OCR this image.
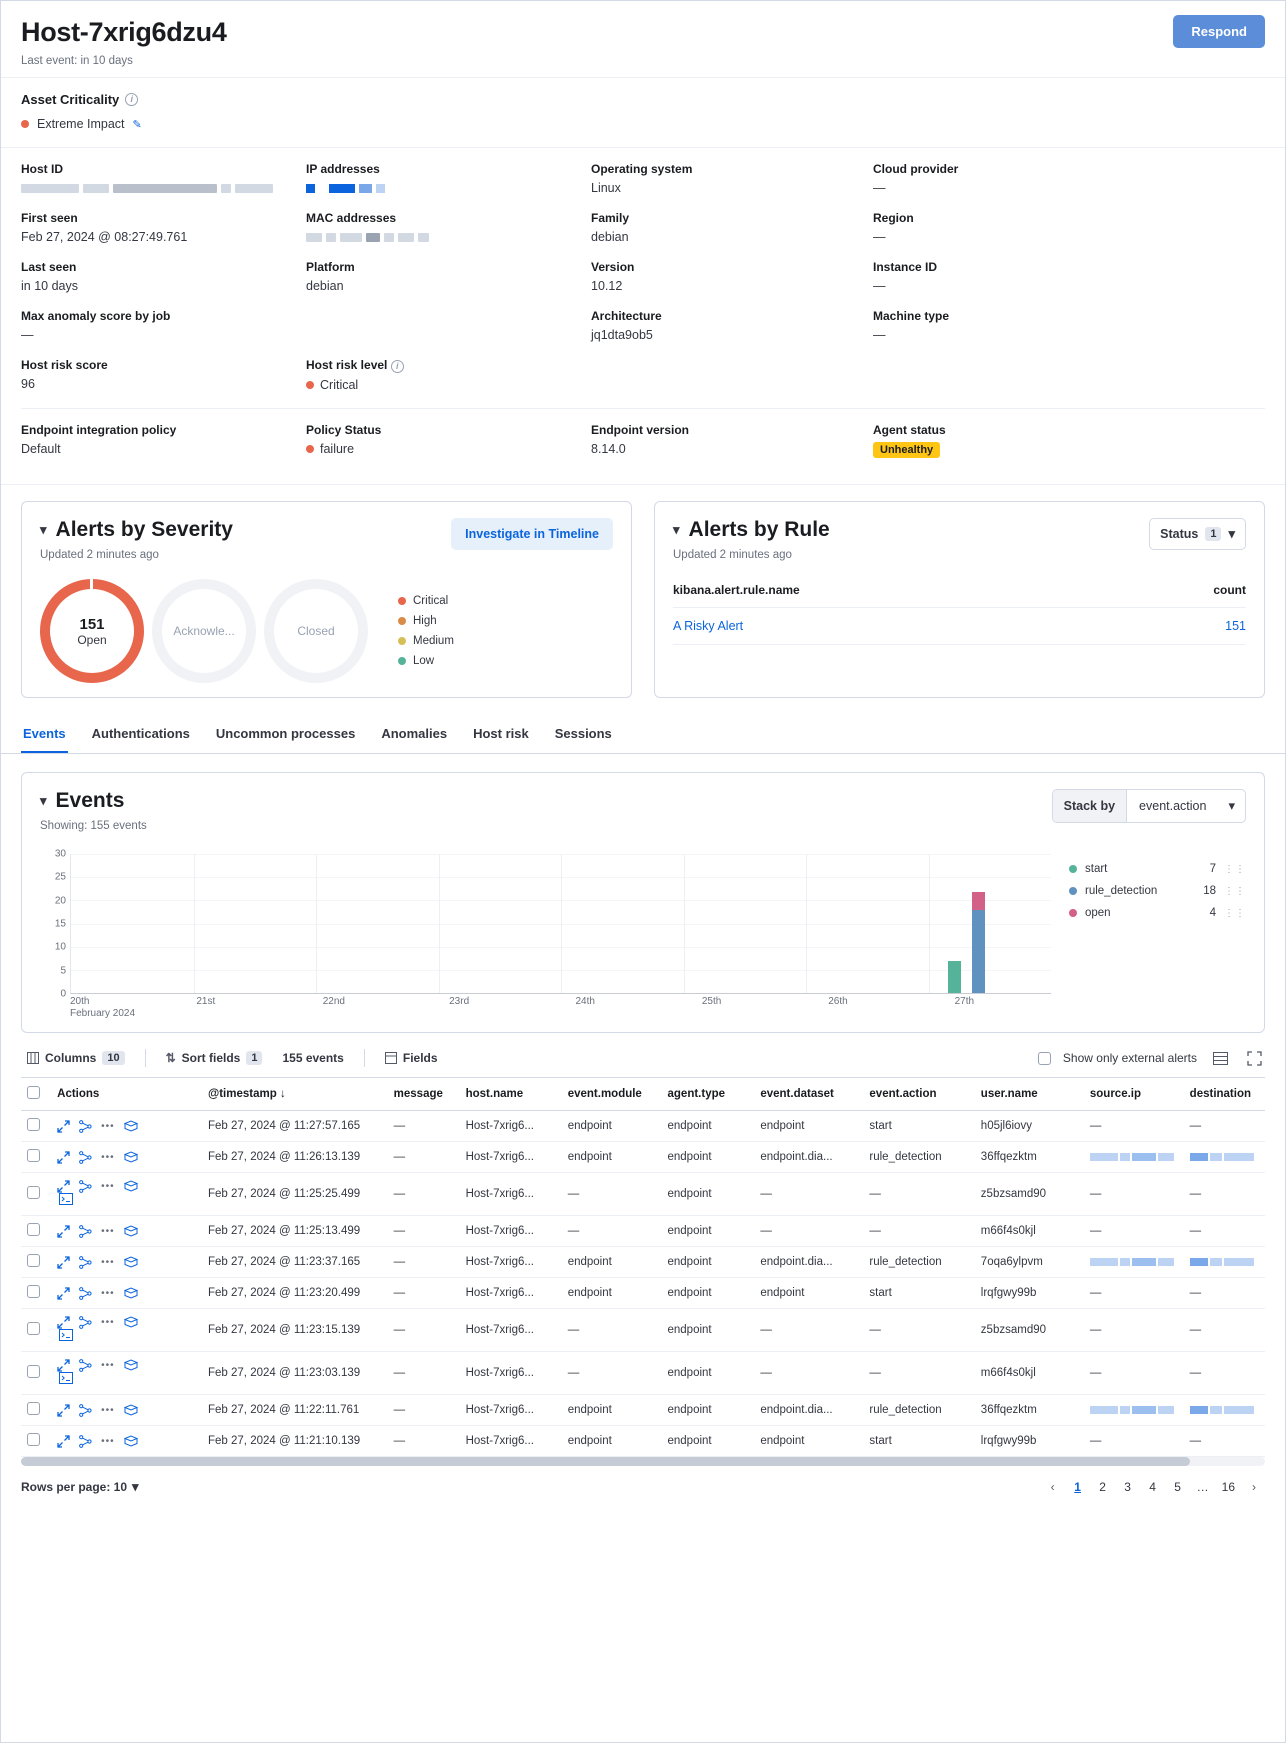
Host-7xrig6dzu4
Last event: in 10 days
Respond
Asset Criticality	i
Extreme Impact ✎
Host ID
First seen
Feb 27, 2024 @ 08:27:49.761
Last seen
in 10 days
Max anomaly score by job
—
IP addresses
MAC addresses
Platform
debian
Operating system
Linux
Family
debian
Version
10.12
Architecture
jq1dta9ob5
Cloud provider
—
Region
—
Instance ID
—
Machine type
—
Host risk score
96
Host risk level i
Critical
Endpoint integration policy
Default
Policy Status
failure
Endpoint version
8.14.0
Agent status
Unhealthy
▾ Alerts by Severity
Updated 2 minutes ago
Investigate in Timeline
151
Open
Acknowle...	Closed
Critical
High
Medium
Low
▾ Alerts by Rule
Updated 2 minutes ago
Status	1 ▾
kibana.alert.rule.name	count
A Risky Alert	151
Events Authentications Uncommon processes Anomalies Host risk Sessions
▾ Events
Showing: 155 events
Stack by	event.action ▾
30
25
20
15
10
5
0
start	7 ⋮⋮
rule_detection	18 ⋮⋮
open	4 ⋮⋮
20th	21st	22nd	23rd	24th	25th	26th	27th
February 2024
Columns	10	⇅ Sort fields	1	155 events	Fields	Show only external alerts
	Actions	@timestamp ↓	message	host.name	event.module	agent.type	event.dataset	event.action	user.name	source.ip	destination

	•••	Feb 27, 2024 @ 11:27:57.165	—	Host-7xrig6...	endpoint	endpoint	endpoint	start	h05jl6iovy	—	—

	•••	Feb 27, 2024 @ 11:26:13.139	—	Host-7xrig6...	endpoint	endpoint	endpoint.dia...	rule_detection	36ffqezktm		

	•••	Feb 27, 2024 @ 11:25:25.499	—	Host-7xrig6...	—	endpoint	—	—	z5bzsamd90	—	—

	•••	Feb 27, 2024 @ 11:25:13.499	—	Host-7xrig6...	—	endpoint	—	—	m66f4s0kjl	—	—

	•••	Feb 27, 2024 @ 11:23:37.165	—	Host-7xrig6...	endpoint	endpoint	endpoint.dia...	rule_detection	7oqa6ylpvm		

	•••	Feb 27, 2024 @ 11:23:20.499	—	Host-7xrig6...	endpoint	endpoint	endpoint	start	lrqfgwy99b	—	—

	•••	Feb 27, 2024 @ 11:23:15.139	—	Host-7xrig6...	—	endpoint	—	—	z5bzsamd90	—	—

	•••	Feb 27, 2024 @ 11:23:03.139	—	Host-7xrig6...	—	endpoint	—	—	m66f4s0kjl	—	—

	•••	Feb 27, 2024 @ 11:22:11.761	—	Host-7xrig6...	endpoint	endpoint	endpoint.dia...	rule_detection	36ffqezktm		

	•••	Feb 27, 2024 @ 11:21:10.139	—	Host-7xrig6...	endpoint	endpoint	endpoint	start	lrqfgwy99b	—	—
Rows per page: 10 ▾	‹	1	2	3	4	5	…	16	›
